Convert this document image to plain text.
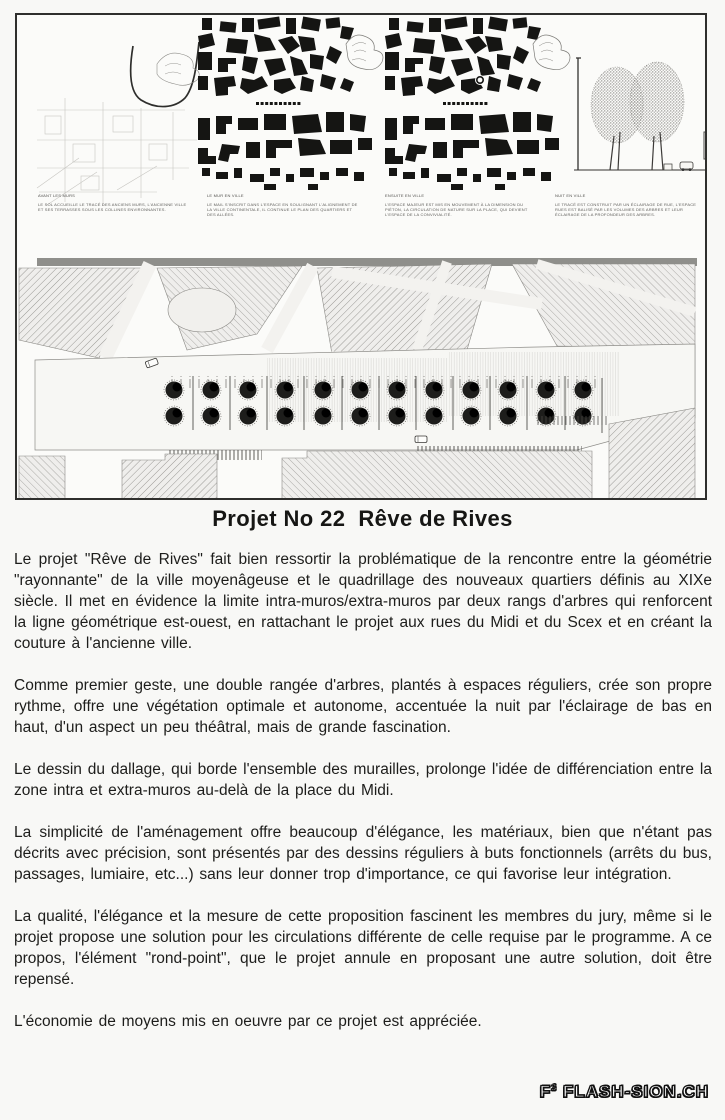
AVANT LES MURS
LE SOL ACCUEILLE LE TRACÉ DES ANCIENS MURS, L'ANCIENNE VILLE ET SES TERRASSES SOUS LES COLLINES ENVIRONNANTES.
LE MUR EN VILLE
LE MAIL S'INSCRIT DANS L'ESPACE EN SOULIGNANT L'ALIGNEMENT DE LA VILLE CONTINENTALE, IL CONTINUE LE PLAN DES QUARTIERS ET DES ALLÉES.
ENSUITE EN VILLE
L'ESPACE MAJEUR EST MIS EN MOUVEMENT À LA DIMENSION DU PIÉTON, LA CIRCULATION DE NATURE SUR LA PLACE, QUI DEVIENT L'ESPACE DE LA CONVIVIALITÉ.
NUIT EN VILLE
LE TRACÉ EST CONSTRUIT PAR UN ÉCLAIRAGE DE RUE, L'ESPACE RUES EST BALISÉ PAR LES VOLUMES DES ARBRES ET LEUR ÉCLAIRAGE DE LA PROFONDEUR DES ARBRES.
Projet No 22  Rêve de Rives

Le projet "Rêve de Rives" fait bien ressortir la problématique de la rencontre entre la géométrie "rayonnante" de la ville moyenâgeuse et le quadrillage des nouveaux quartiers définis au XIXe siècle. Il met en évidence la limite intra-muros/extra-muros par deux rangs d'arbres qui renforcent la ligne géométrique est-ouest, en rattachant le projet aux rues du Midi et du Scex et en créant la couture à l'ancienne ville.

Comme premier geste, une double rangée d'arbres, plantés à espaces réguliers, crée son propre rythme, offre une végétation optimale et autonome, accentuée la nuit par l'éclairage de bas en haut, d'un aspect un peu théâtral, mais de grande fascination.

Le dessin du dallage, qui borde l'ensemble des murailles, prolonge l'idée de différenciation entre la zone intra et extra-muros au-delà de la place du Midi.

La simplicité de l'aménagement offre beaucoup d'élégance, les matériaux, bien que n'étant pas décrits avec précision, sont présentés par des dessins réguliers à buts fonctionnels (arrêts du bus, passages, lumiaire, etc...) sans leur donner trop d'importance, ce qui favorise leur intégration.

La qualité, l'élégance et la mesure de cette proposition fascinent les membres du jury, même si le projet propose une solution pour les circulations différente de celle requise par le programme. A ce propos, l'élément "rond-point", que le projet annule en proposant une autre solution, doit être repensé.

L'économie de moyens mis en oeuvre par ce projet est appréciée.

$F^3$ FLASH-SION.CH
